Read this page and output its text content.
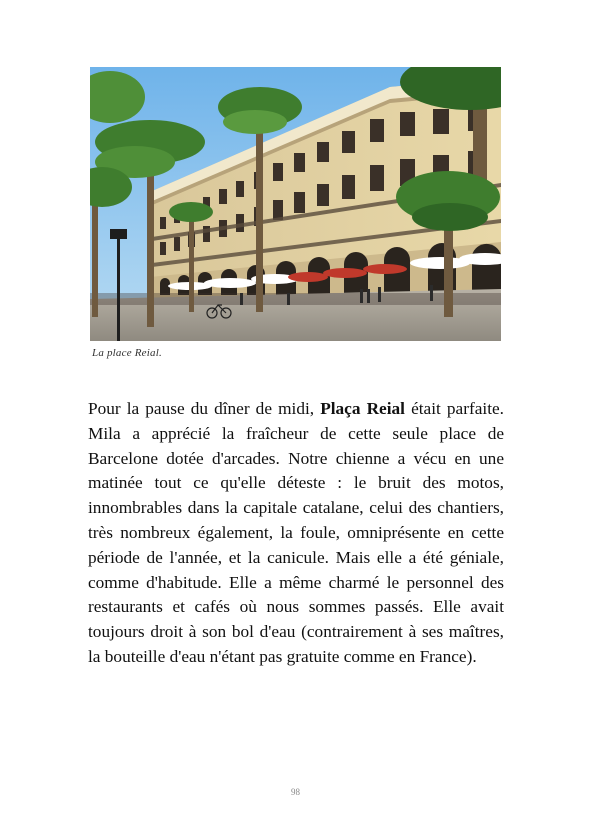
La place Reial.

Pour la pause du dîner de midi, Plaça Reial était parfaite. Mila a apprécié la fraîcheur de cette seule place de Barcelone dotée d'arcades. Notre chienne a vécu en une matinée tout ce qu'elle déteste : le bruit des motos, innombrables dans la capitale catalane, celui des chantiers, très nombreux également, la foule, omniprésente en cette période de l'année, et la canicule. Mais elle a été géniale, comme d'habitude. Elle a même charmé le personnel des restaurants et cafés où nous sommes passés. Elle avait toujours droit à son bol d'eau (contrairement à ses maîtres, la bouteille d'eau n'étant pas gratuite comme en France).

98
